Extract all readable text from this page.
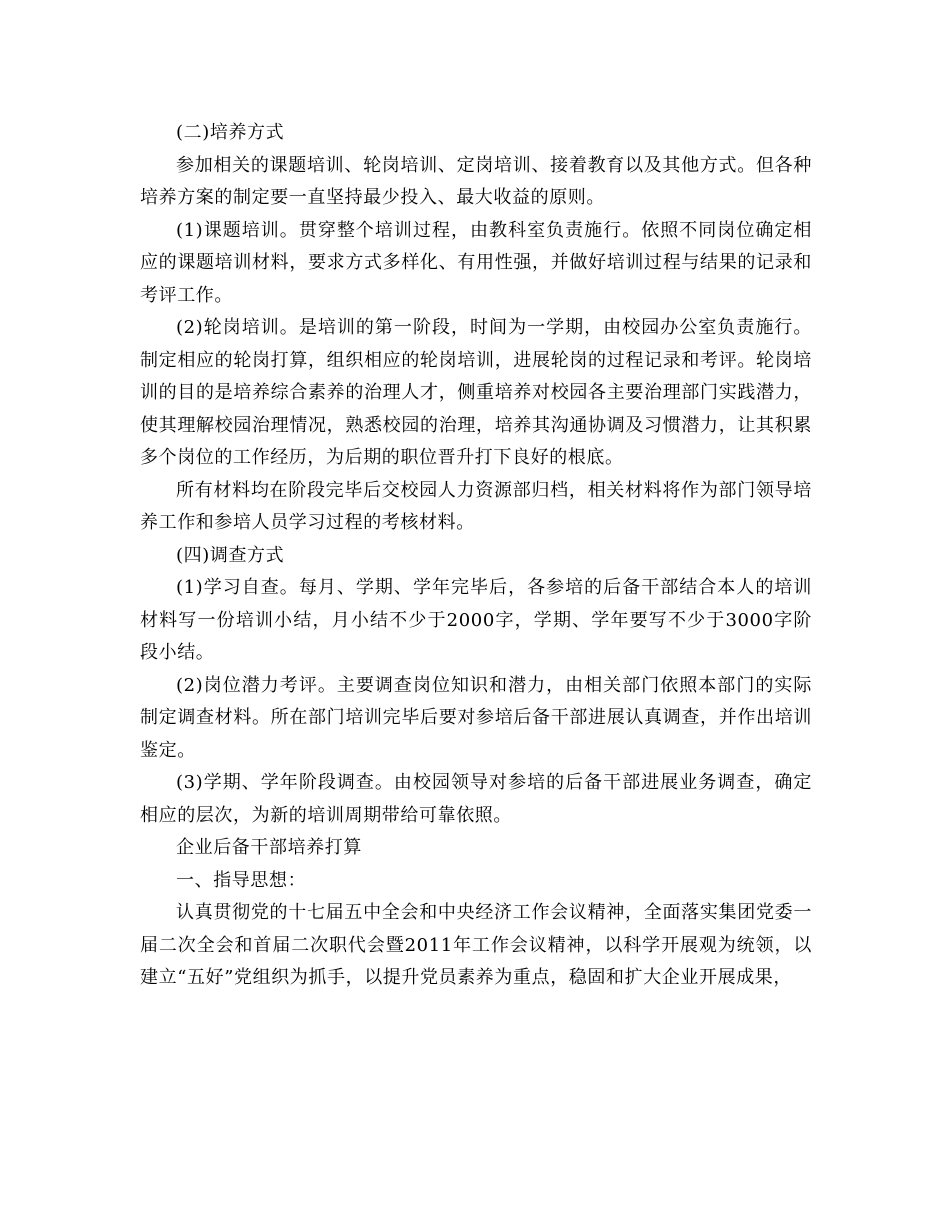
(二)培养方式

参加相关的课题培训、轮岗培训、定岗培训、接着教育以及其他方式。但各种培养方案的制定要一直坚持最少投入、最大收益的原则。

(1)课题培训。贯穿整个培训过程，由教科室负责施行。依照不同岗位确定相应的课题培训材料，要求方式多样化、有用性强，并做好培训过程与结果的记录和考评工作。

(2)轮岗培训。是培训的第一阶段，时间为一学期，由校园办公室负责施行。制定相应的轮岗打算，组织相应的轮岗培训，进展轮岗的过程记录和考评。轮岗培训的目的是培养综合素养的治理人才，侧重培养对校园各主要治理部门实践潜力，使其理解校园治理情况，熟悉校园的治理，培养其沟通协调及习惯潜力，让其积累多个岗位的工作经历，为后期的职位晋升打下良好的根底。

所有材料均在阶段完毕后交校园人力资源部归档，相关材料将作为部门领导培养工作和参培人员学习过程的考核材料。

(四)调查方式

(1)学习自查。每月、学期、学年完毕后，各参培的后备干部结合本人的培训材料写一份培训小结，月小结不少于2000字，学期、学年要写不少于3000字阶段小结。

(2)岗位潜力考评。主要调查岗位知识和潜力，由相关部门依照本部门的实际制定调查材料。所在部门培训完毕后要对参培后备干部进展认真调查，并作出培训鉴定。

(3)学期、学年阶段调查。由校园领导对参培的后备干部进展业务调查，确定相应的层次，为新的培训周期带给可靠依照。

企业后备干部培养打算

一、指导思想：

认真贯彻党的十七届五中全会和中央经济工作会议精神，全面落实集团党委一届二次全会和首届二次职代会暨2011年工作会议精神，以科学开展观为统领，以建立“五好”党组织为抓手，以提升党员素养为重点，稳固和扩大企业开展成果，
